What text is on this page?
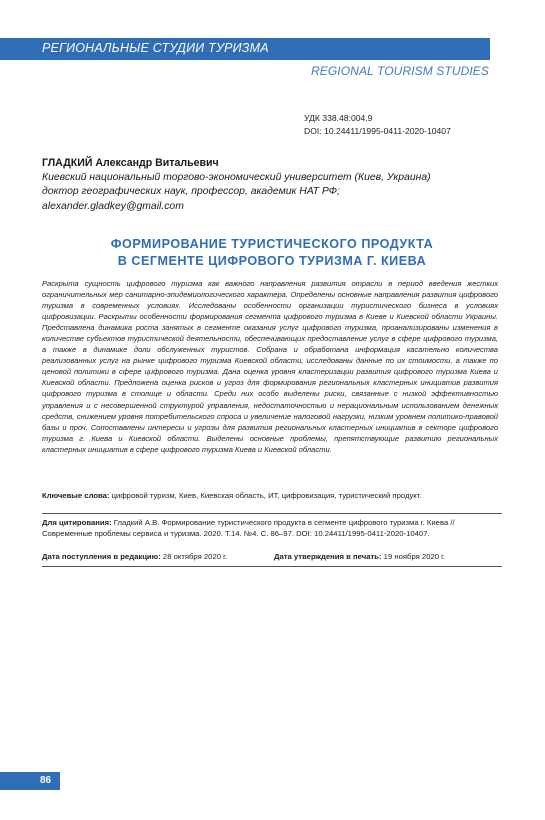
РЕГИОНАЛЬНЫЕ СТУДИИ ТУРИЗМА
REGIONAL TOURISM STUDIES
УДК 338.48:004.9
DOI: 10.24411/1995-0411-2020-10407
ГЛАДКИЙ Александр Витальевич
Киевский национальный торгово-экономический университет (Киев, Украина)
доктор географических наук, профессор, академик НАТ РФ;
alexander.gladkey@gmail.com
ФОРМИРОВАНИЕ ТУРИСТИЧЕСКОГО ПРОДУКТА
В СЕГМЕНТЕ ЦИФРОВОГО ТУРИЗМА Г. КИЕВА
Раскрыта сущность цифрового туризма как важного направления развития отрасли в период введения жестких ограничительных мер санитарно-эпидемиологического характера. Определены основные направления развития цифрового туризма в современных условиях. Исследованы особенности организации туристического бизнеса в условиях цифровизации. Раскрыты особенности формирования сегмента цифрового туризма в Киеве и Киевской области Украины. Представлена динамика роста занятых в сегменте оказания услуг цифрового туризма, проанализированы изменения в количестве субъектов туристической деятельности, обеспечивающих предоставление услуг в сфере цифрового туризма, а также в динамике доли обслуженных туристов. Собрана и обработана информация касательно количества реализованных услуг на рынке цифрового туризма Киевской области, исследованы данные по их стоимости, а также по ценовой политики в сфере цифрового туризма. Дана оценка уровня кластеризации развития цифрового туризма Киева и Киевской области. Предложена оценка рисков и угроз для формирования региональных кластерных инициатив развития цифрового туризма в столице и области. Среди них особо выделены риски, связанные с низкой эффективностью управления и с несовершенной структурой управления, недостаточностью и нерациональным использованием денежных средств, снижением уровня потребительского спроса и увеличение налоговой нагрузки, низким уровнем политико-правовой базы и проч. Сопоставлены интересы и угрозы для развития региональных кластерных инициатив в секторе цифрового туризма г. Киева и Киевской области. Выделены основные проблемы, препятствующие развитию региональных кластерных инициатив в сфере цифрового туризма Киева и Киевской области.
Ключевые слова: цифровой туризм, Киев, Киевская область, ИТ, цифровизация, туристический продукт.
Для цитирования: Гладкий А.В. Формирование туристического продукта в сегменте цифрового туризма г. Киева // Современные проблемы сервиса и туризма. 2020. Т.14. №4. С. 86–97. DOI: 10.24411/1995-0411-2020-10407.
Дата поступления в редакцию: 28 октября 2020 г.	Дата утверждения в печать: 19 ноября 2020 г.
86
